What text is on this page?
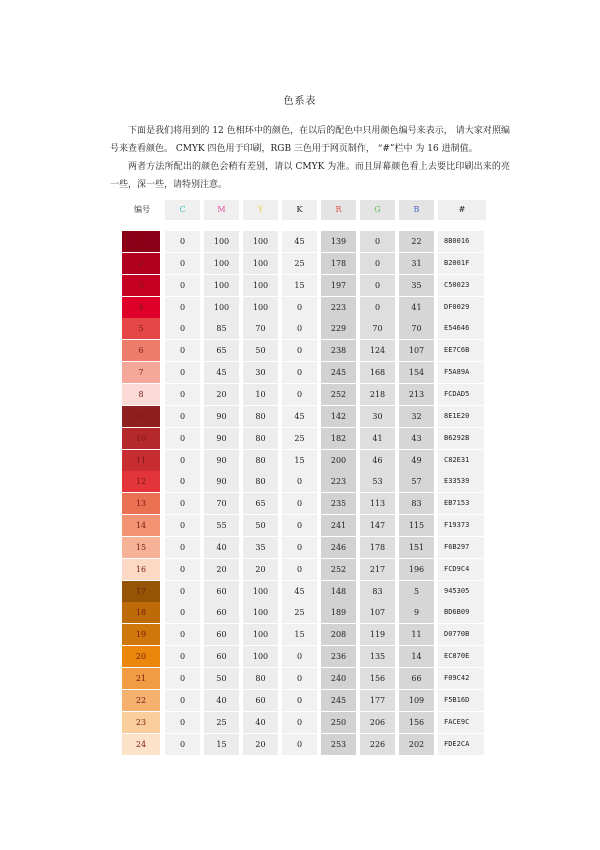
色系表

下面是我们将用到的 12 色相环中的颜色，在以后的配色中只用颜色编号来表示， 请大家对照编号来查看颜色。 CMYK 四色用于印刷，RGB 三色用于网页制作， “#”栏中 为 16 进制值。

两者方法所配出的颜色会稍有差别，请以 CMYK 为准。而且屏幕颜色看上去要比印刷出来的亮一些，深一些，请特别注意。

编号	C	M	Y	K	R	G	B	#
1	0	100	100	45	139	0	22	8B0016
2	0	100	100	25	178	0	31	B2001F
3	0	100	100	15	197	0	35	C50023
4	0	100	100	0	223	0	41	DF0029
5	0	85	70	0	229	70	70	E54646
6	0	65	50	0	238	124	107	EE7C6B
7	0	45	30	0	245	168	154	F5A89A
8	0	20	10	0	252	218	213	FCDAD5
9	0	90	80	45	142	30	32	8E1E20
10	0	90	80	25	182	41	43	B6292B
11	0	90	80	15	200	46	49	C82E31
12	0	90	80	0	223	53	57	E33539
13	0	70	65	0	235	113	83	EB7153
14	0	55	50	0	241	147	115	F19373
15	0	40	35	0	246	178	151	F6B297
16	0	20	20	0	252	217	196	FCD9C4
17	0	60	100	45	148	83	5	945305
18	0	60	100	25	189	107	9	BD6B09
19	0	60	100	15	208	119	11	D0770B
20	0	60	100	0	236	135	14	EC870E
21	0	50	80	0	240	156	66	F09C42
22	0	40	60	0	245	177	109	F5B16D
23	0	25	40	0	250	206	156	FACE9C
24	0	15	20	0	253	226	202	FDE2CA
